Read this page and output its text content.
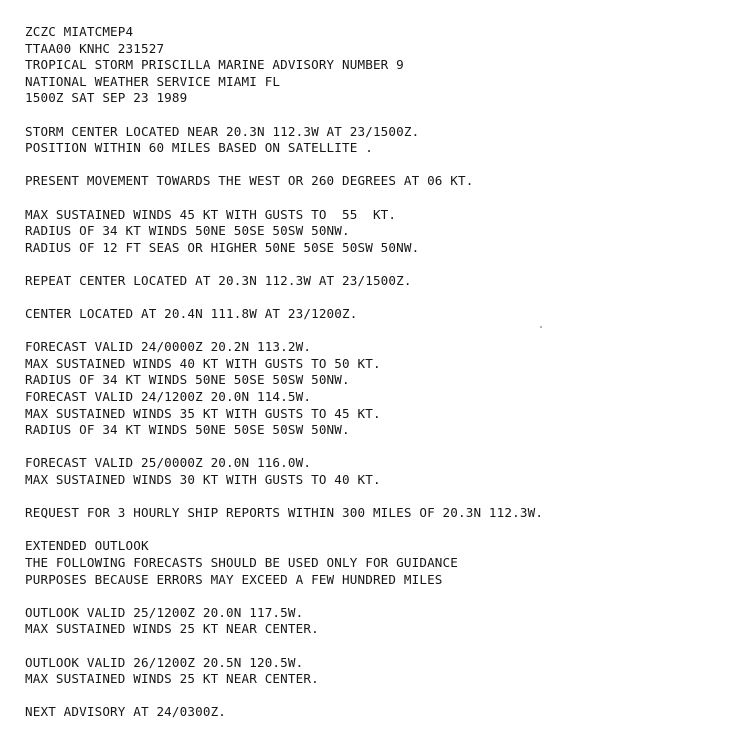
ZCZC MIATCMEP4
TTAA00 KNHC 231527
TROPICAL STORM PRISCILLA MARINE ADVISORY NUMBER 9
NATIONAL WEATHER SERVICE MIAMI FL
1500Z SAT SEP 23 1989
STORM CENTER LOCATED NEAR 20.3N 112.3W AT 23/1500Z.
POSITION WITHIN 60 MILES BASED ON SATELLITE .
PRESENT MOVEMENT TOWARDS THE WEST OR 260 DEGREES AT 06 KT.
MAX SUSTAINED WINDS 45 KT WITH GUSTS TO  55  KT.
RADIUS OF 34 KT WINDS 50NE 50SE 50SW 50NW.
RADIUS OF 12 FT SEAS OR HIGHER 50NE 50SE 50SW 50NW.
REPEAT CENTER LOCATED AT 20.3N 112.3W AT 23/1500Z.
CENTER LOCATED AT 20.4N 111.8W AT 23/1200Z.
FORECAST VALID 24/0000Z 20.2N 113.2W.
MAX SUSTAINED WINDS 40 KT WITH GUSTS TO 50 KT.
RADIUS OF 34 KT WINDS 50NE 50SE 50SW 50NW.
FORECAST VALID 24/1200Z 20.0N 114.5W.
MAX SUSTAINED WINDS 35 KT WITH GUSTS TO 45 KT.
RADIUS OF 34 KT WINDS 50NE 50SE 50SW 50NW.
FORECAST VALID 25/0000Z 20.0N 116.0W.
MAX SUSTAINED WINDS 30 KT WITH GUSTS TO 40 KT.
REQUEST FOR 3 HOURLY SHIP REPORTS WITHIN 300 MILES OF 20.3N 112.3W.
EXTENDED OUTLOOK
THE FOLLOWING FORECASTS SHOULD BE USED ONLY FOR GUIDANCE
PURPOSES BECAUSE ERRORS MAY EXCEED A FEW HUNDRED MILES
OUTLOOK VALID 25/1200Z 20.0N 117.5W.
MAX SUSTAINED WINDS 25 KT NEAR CENTER.
OUTLOOK VALID 26/1200Z 20.5N 120.5W.
MAX SUSTAINED WINDS 25 KT NEAR CENTER.
NEXT ADVISORY AT 24/0300Z.
